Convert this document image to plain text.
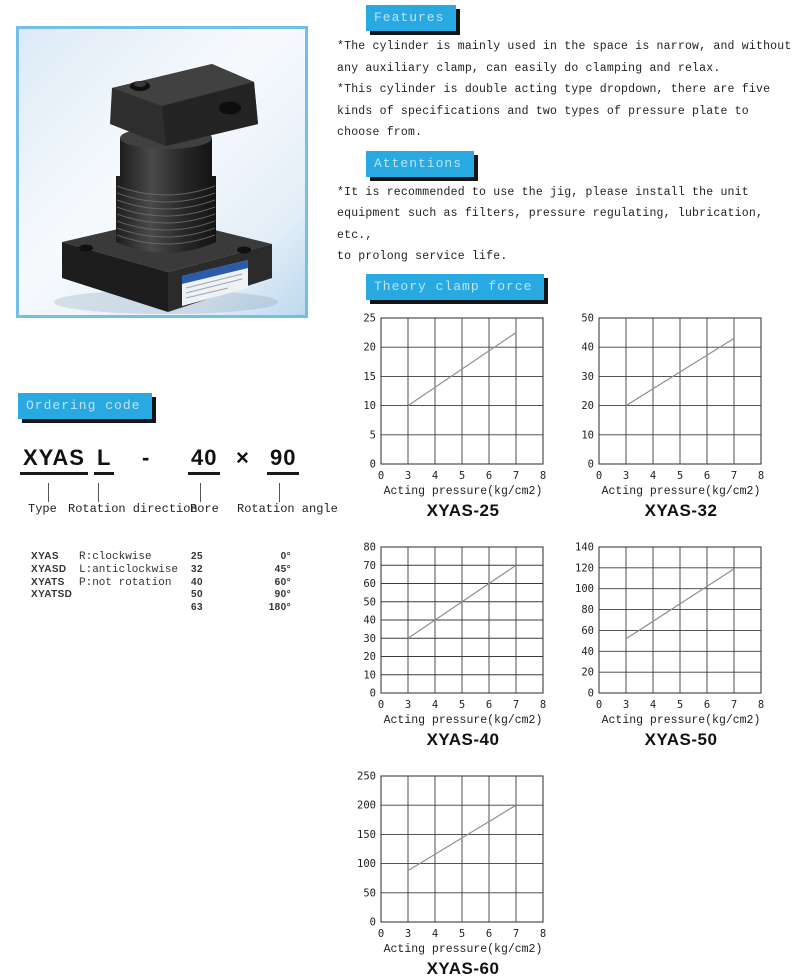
Features
*The cylinder is mainly used in the space is narrow, and without
any auxiliary clamp, can easily do clamping and relax.
*This cylinder is double acting type dropdown, there are five
kinds of specifications and two types of pressure plate to choose from.
Attentions
*It is recommended to use the jig, please install the unit
equipment such as filters, pressure regulating, lubrication, etc.,
to prolong service life.
Theory clamp force
0
5
10
15
20
25
0 3 4 5 6 7 8
Acting pressure(kg/cm2)
XYAS-25
0
10
20
30
40
50
0 3 4 5 6 7 8
Acting pressure(kg/cm2)
XYAS-32
0
10
20
30
40
50
60
70
80
0 3 4 5 6 7 8
Acting pressure(kg/cm2)
XYAS-40
0
20
40
60
80
100
120
140
0 3 4 5 6 7 8
Acting pressure(kg/cm2)
XYAS-50
0
50
100
150
200
250
0 3 4 5 6 7 8
Acting pressure(kg/cm2)
XYAS-60
Ordering code
XYAS L - 40 × 90
Type Rotation direction
Bore Rotation angle
XYAS
XYASD
XYATS
XYATSD
R:clockwise
L:anticlockwise
P:not rotation
25
32
40
50
63
0°
45°
60°
90°
180°
